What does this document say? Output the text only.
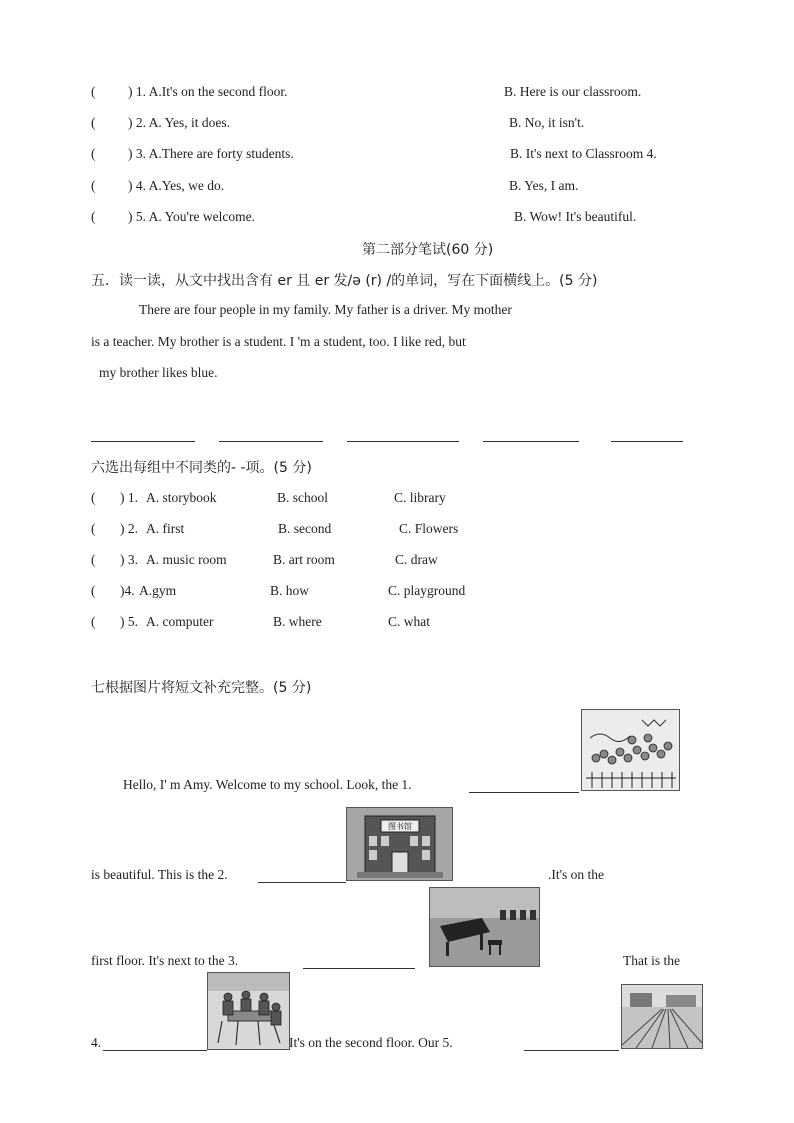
( ) 1. A.It's on the second floor.	B. Here is our classroom.
( ) 2. A. Yes, it does.	B. No, it isn't.
( ) 3. A.There are forty students.	B. It's next to Classroom 4.
( ) 4. A.Yes, we do.	B. Yes, I am.
( ) 5. A. You're welcome.	B. Wow! It's beautiful.
第二部分笔试(60 分)
五．读一读，从文中找出含有 er 且 er 发/ə (r) /的单词，写在下面横线上。(5 分)
There are four people in my family. My father is a driver. My mother
is a teacher. My brother is a student. I 'm a student, too. I like red, but
my brother likes blue.
六选出每组中不同类的- -项。(5 分)
( ) 1. A. storybook	B. school	C. library
( ) 2. A. first	B. second	C. Flowers
( ) 3. A. music room	B. art room	C. draw
( )4. A.gym	B. how	C. playground
( ) 5. A. computer	B. where	C. what
七根据图片将短文补充完整。(5 分)
Hello, I' m Amy. Welcome to my school. Look, the 1.
图书馆
is beautiful. This is the 2.	.It's on the
first floor. It's next to the 3.	That is the
4.	It's on the second floor. Our 5.
